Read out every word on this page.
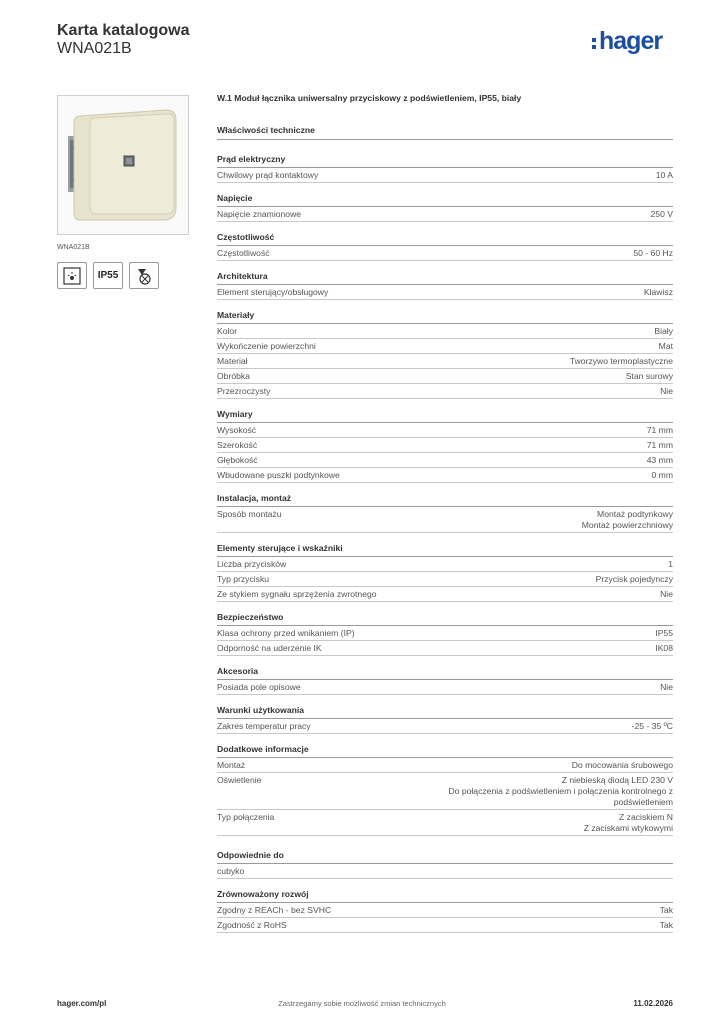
Karta katalogowa
WNA021B	hager
WNA021B
IP55
W.1 Moduł łącznika uniwersalny przyciskowy z podświetleniem, IP55, biały
Właściwości techniczne
Prąd elektryczny
Chwilowy prąd kontaktowy	10 A
Napięcie
Napięcie znamionowe	250 V
Częstotliwość
Częstotliwość	50 - 60 Hz
Architektura
Element sterujący/obsługowy	Klawisz
Materiały
Kolor	Biały
Wykończenie powierzchni	Mat
Materiał	Tworzywo termoplastyczne
Obróbka	Stan surowy
Przezroczysty	Nie
Wymiary
Wysokość	71 mm
Szerokość	71 mm
Głębokość	43 mm
Wbudowane puszki podtynkowe	0 mm
Instalacja, montaż
Sposób montażu	Montaż podtynkowy
Montaż powierzchniowy
Elementy sterujące i wskaźniki
Liczba przycisków	1
Typ przycisku	Przycisk pojedynczy
Ze stykiem sygnału sprzężenia zwrotnego	Nie
Bezpieczeństwo
Klasa ochrony przed wnikaniem (IP)	IP55
Odporność na uderzenie IK	IK08
Akcesoria
Posiada pole opisowe	Nie
Warunki użytkowania
Zakres temperatur pracy	-25 - 35 ºC
Dodatkowe informacje
Montaż	Do mocowania śrubowego
Oświetlenie	Z niebieską diodą LED 230 V
Do połączenia z podświetleniem i połączenia kontrolnego z podświetleniem
Typ połączenia	Z zaciskiem N
Z zaciskami wtykowymi
Odpowiednie do
cubyko
Zrównoważony rozwój
Zgodny z REACh - bez SVHC	Tak
Zgodność z RoHS	Tak
hager.com/pl	Zastrzegamy sobie możliwość zmian technicznych	11.02.2026
